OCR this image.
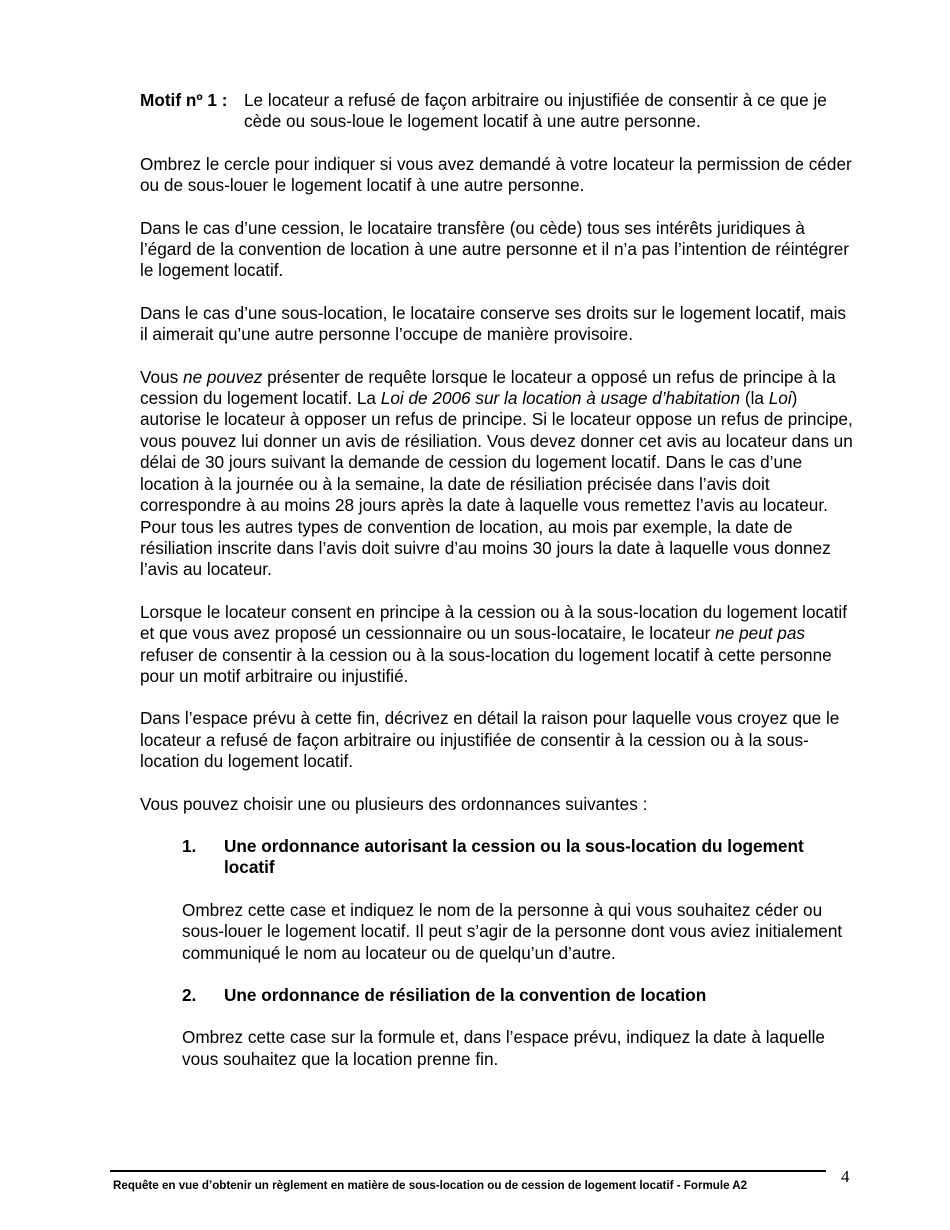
Motif nº 1 : Le locateur a refusé de façon arbitraire ou injustifiée de consentir à ce que je cède ou sous-loue le logement locatif à une autre personne.

Ombrez le cercle pour indiquer si vous avez demandé à votre locateur la permission de céder ou de sous-louer le logement locatif à une autre personne.

Dans le cas d’une cession, le locataire transfère (ou cède) tous ses intérêts juridiques à l’égard de la convention de location à une autre personne et il n’a pas l’intention de réintégrer le logement locatif.

Dans le cas d’une sous-location, le locataire conserve ses droits sur le logement locatif, mais il aimerait qu’une autre personne l’occupe de manière provisoire.

Vous ne pouvez présenter de requête lorsque le locateur a opposé un refus de principe à la cession du logement locatif. La Loi de 2006 sur la location à usage d’habitation (la Loi) autorise le locateur à opposer un refus de principe. Si le locateur oppose un refus de principe, vous pouvez lui donner un avis de résiliation. Vous devez donner cet avis au locateur dans un délai de 30 jours suivant la demande de cession du logement locatif. Dans le cas d’une location à la journée ou à la semaine, la date de résiliation précisée dans l’avis doit correspondre à au moins 28 jours après la date à laquelle vous remettez l’avis au locateur. Pour tous les autres types de convention de location, au mois par exemple, la date de résiliation inscrite dans l’avis doit suivre d’au moins 30 jours la date à laquelle vous donnez l’avis au locateur.

Lorsque le locateur consent en principe à la cession ou à la sous-location du logement locatif et que vous avez proposé un cessionnaire ou un sous-locataire, le locateur ne peut pas refuser de consentir à la cession ou à la sous-location du logement locatif à cette personne pour un motif arbitraire ou injustifié.

Dans l’espace prévu à cette fin, décrivez en détail la raison pour laquelle vous croyez que le locateur a refusé de façon arbitraire ou injustifiée de consentir à la cession ou à la sous-location du logement locatif.

Vous pouvez choisir une ou plusieurs des ordonnances suivantes :

1.	Une ordonnance autorisant la cession ou la sous-location du logement locatif

Ombrez cette case et indiquez le nom de la personne à qui vous souhaitez céder ou sous-louer le logement locatif. Il peut s’agir de la personne dont vous aviez initialement communiqué le nom au locateur ou de quelqu’un d’autre.

2.	Une ordonnance de résiliation de la convention de location

Ombrez cette case sur la formule et, dans l’espace prévu, indiquez la date à laquelle vous souhaitez que la location prenne fin.

4
Requête en vue d’obtenir un règlement en matière de sous-location ou de cession de logement locatif - Formule A2
